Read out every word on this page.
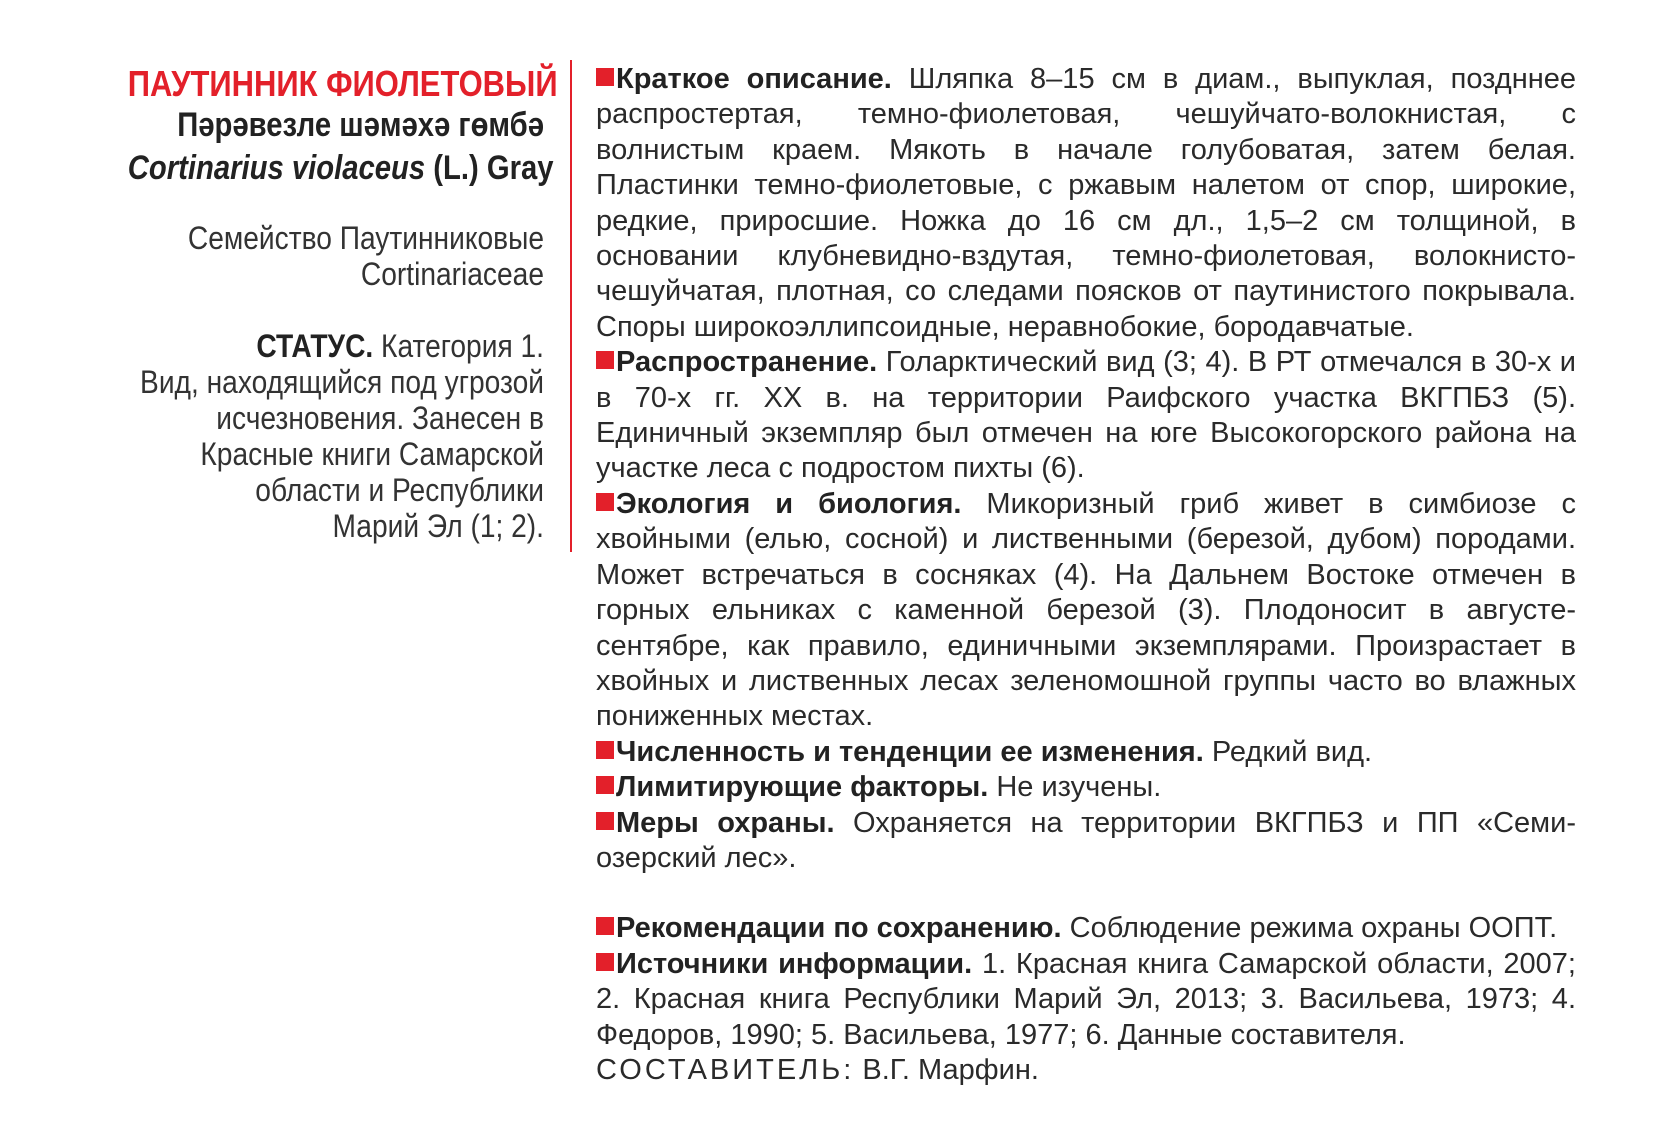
ПАУТИННИК ФИОЛЕТОВЫЙ
Пәрәвезле шәмәхә гөмбә
Cortinarius violaceus (L.) Gray
Семейство Паутинниковые
Cortinariaceae
СТАТУС. Категория 1.
Вид, находящийся под угрозой
исчезновения. Занесен в
Красные книги Самарской
области и Республики
Марий Эл (1; 2).

Краткое описание. Шляпка 8–15 см в диам., выпуклая, поздннее распростертая, темно-фиолетовая, чешуйчато-волокнистая, с волнистым краем. Мякоть в начале голубоватая, затем белая. Пластинки темно-фиолетовые, с ржавым налетом от спор, широкие, редкие, приросшие. Ножка до 16 см дл., 1,5–2 см толщиной, в основании клубневидно-вздутая, темно-фиолетовая, волокнисто-чешуйчатая, плотная, со следами поясков от паутинистого покрывала. Споры широкоэллипсоидные, неравнобокие, бородавчатые.

Распространение. Голарктический вид (3; 4). В РТ отмечался в 30-х и в 70-х гг. XX в. на территории Раифского участка ВКГПБЗ (5). Единичный экземпляр был отмечен на юге Высокогорского района на участке леса с подростом пихты (6).

Экология и биология. Микоризный гриб живет в симбиозе с хвойными (елью, сосной) и лиственными (березой, дубом) породами. Может встречаться в сосняках (4). На Дальнем Востоке отмечен в горных ельниках с каменной березой (3). Плодоносит в августе-сентябре, как правило, единичными экземплярами. Произрастает в хвойных и лиственных лесах зеленомошной группы часто во влажных пониженных местах.

Численность и тенденции ее изменения. Редкий вид.

Лимитирующие факторы. Не изучены.

Меры охраны. Охраняется на территории ВКГПБЗ и ПП «Семиозерский лес».

Рекомендации по сохранению. Соблюдение режима охраны ООПТ.

Источники информации. 1. Красная книга Самарской области, 2007; 2. Красная книга Республики Марий Эл, 2013; 3. Васильева, 1973; 4. Федоров, 1990; 5. Васильева, 1977; 6. Данные составителя.

СОСТАВИТЕЛЬ: В.Г. Марфин.
